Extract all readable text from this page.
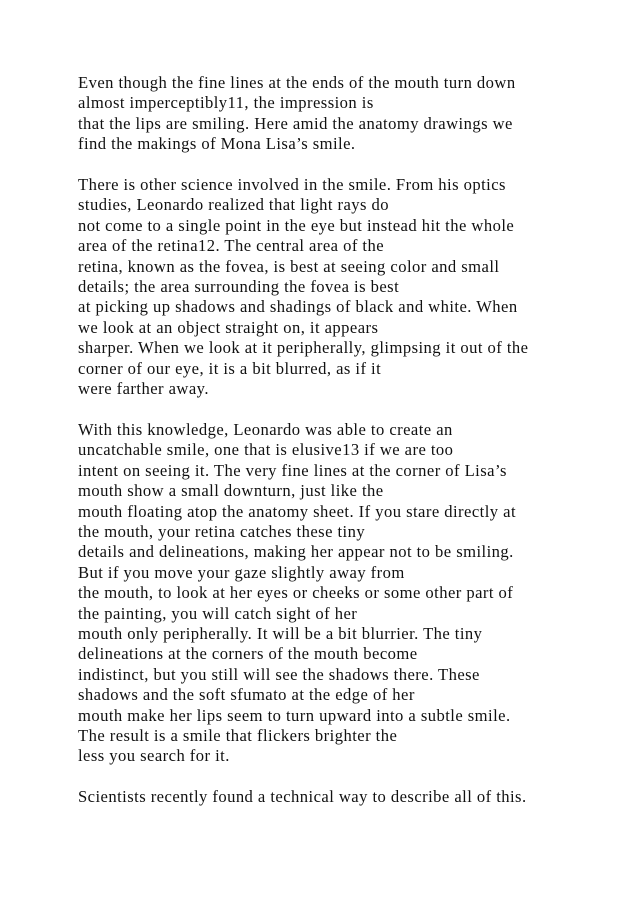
Even though the fine lines at the ends of the mouth turn down
almost imperceptibly11, the impression is
that the lips are smiling. Here amid the anatomy drawings we
find the makings of Mona Lisa’s smile.

There is other science involved in the smile. From his optics
studies, Leonardo realized that light rays do
not come to a single point in the eye but instead hit the whole
area of the retina12. The central area of the
retina, known as the fovea, is best at seeing color and small
details; the area surrounding the fovea is best
at picking up shadows and shadings of black and white. When
we look at an object straight on, it appears
sharper. When we look at it peripherally, glimpsing it out of the
corner of our eye, it is a bit blurred, as if it
were farther away.

With this knowledge, Leonardo was able to create an
uncatchable smile, one that is elusive13 if we are too
intent on seeing it. The very fine lines at the corner of Lisa’s
mouth show a small downturn, just like the
mouth floating atop the anatomy sheet. If you stare directly at
the mouth, your retina catches these tiny
details and delineations, making her appear not to be smiling.
But if you move your gaze slightly away from
the mouth, to look at her eyes or cheeks or some other part of
the painting, you will catch sight of her
mouth only peripherally. It will be a bit blurrier. The tiny
delineations at the corners of the mouth become
indistinct, but you still will see the shadows there. These
shadows and the soft sfumato at the edge of her
mouth make her lips seem to turn upward into a subtle smile.
The result is a smile that flickers brighter the
less you search for it.

Scientists recently found a technical way to describe all of this.
